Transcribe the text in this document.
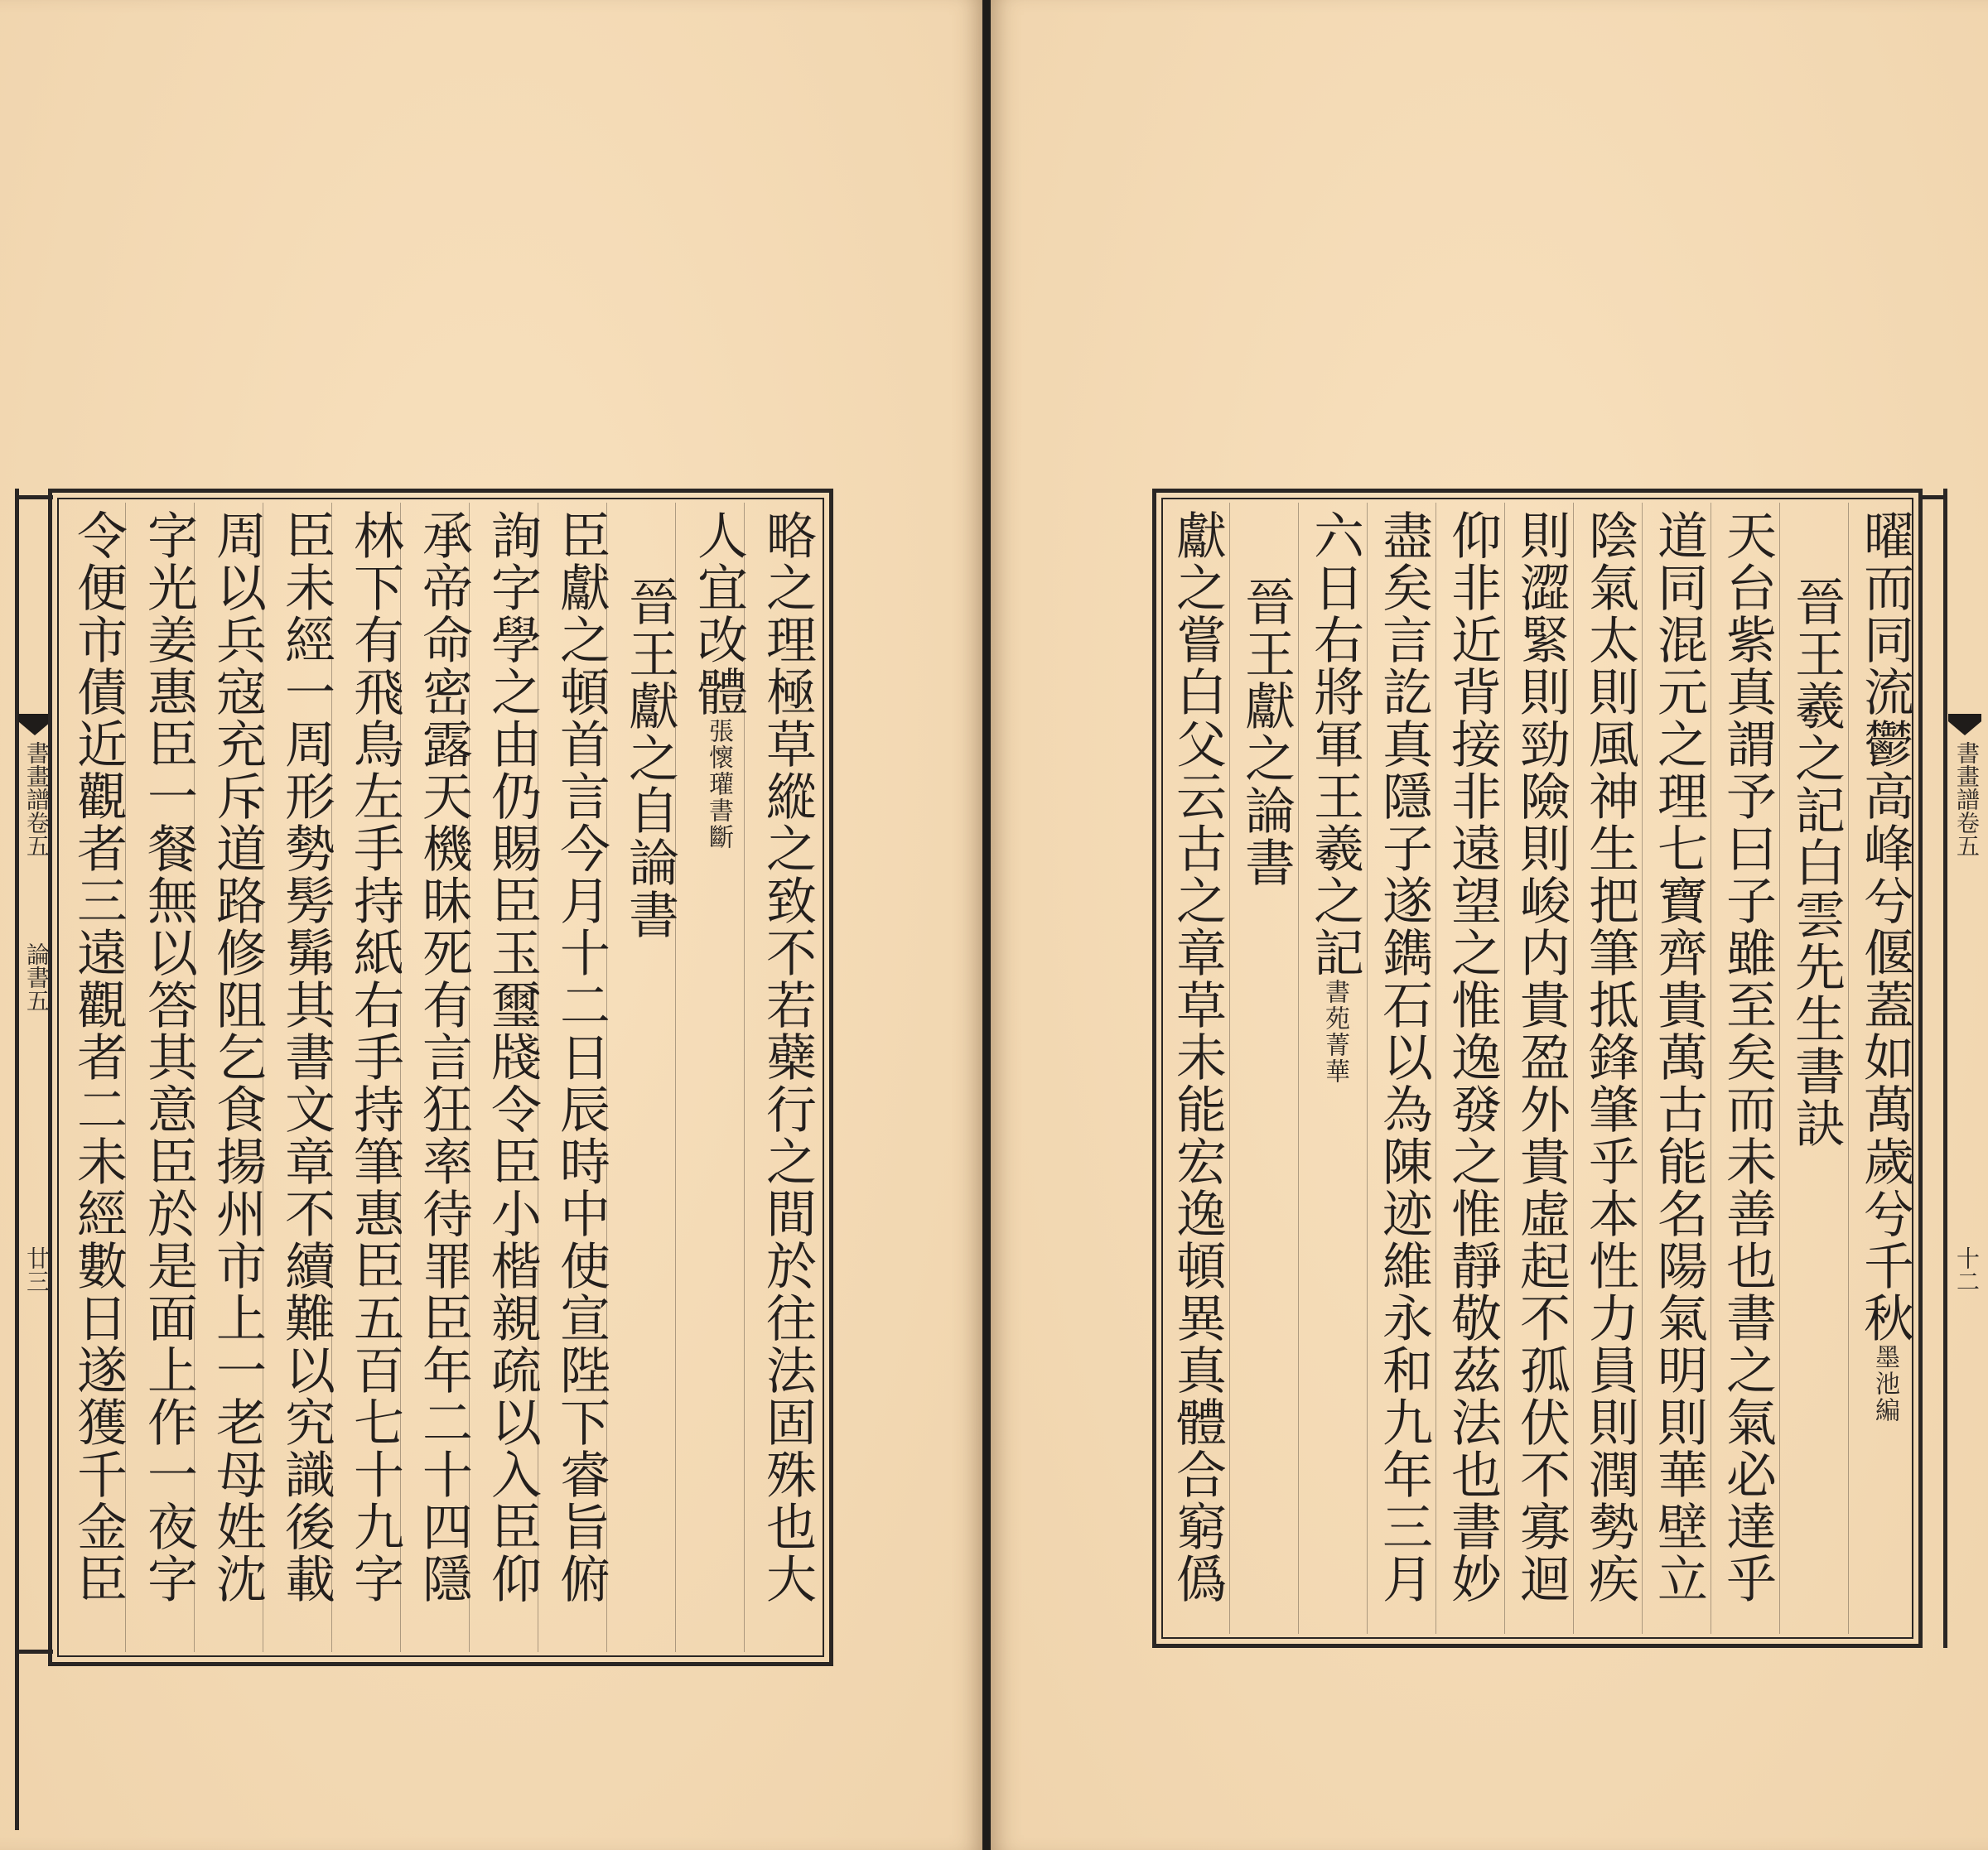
書畫譜卷五
論書五
廿三	略之理極草縱之致不若蘗行之間於往法固殊也大
人宜改體張懷瓘書斷
晉王獻之自論書
臣獻之頓首言今月十二日辰時中使宣陛下睿旨俯
詢字學之由仍賜臣玉璽牋令臣小楷親疏以入臣仰
承帝命密露天機昧死有言狂率待罪臣年二十四隱
林下有飛鳥左手持紙右手持筆惠臣五百七十九字
臣未經一周形勢髣髴其書文章不續難以究識後載
周以兵寇充斥道路修阻乞食揚州市上一老母姓沈
字光姜惠臣一餐無以答其意臣於是面上作一夜字
令便市債近觀者三遠觀者二未經數日遂獲千金臣	曜而同流鬱高峰兮偃蓋如萬歲兮千秋墨池編
晉王羲之記白雲先生書訣
天台紫真謂予曰子雖至矣而未善也書之氣必達乎
道同混元之理七寶齊貴萬古能名陽氣明則華壁立
陰氣太則風神生把筆抵鋒肇乎本性力員則潤勢疾
則澀緊則勁險則峻内貴盈外貴虛起不孤伏不寡迴
仰非近背接非遠望之惟逸發之惟靜敬茲法也書妙
盡矣言訖真隱子遂鐫石以為陳迹維永和九年三月
六日右將軍王羲之記書苑菁華
晉王獻之論書
獻之嘗白父云古之章草未能宏逸頓異真體合窮僞	書畫譜卷五
十二
